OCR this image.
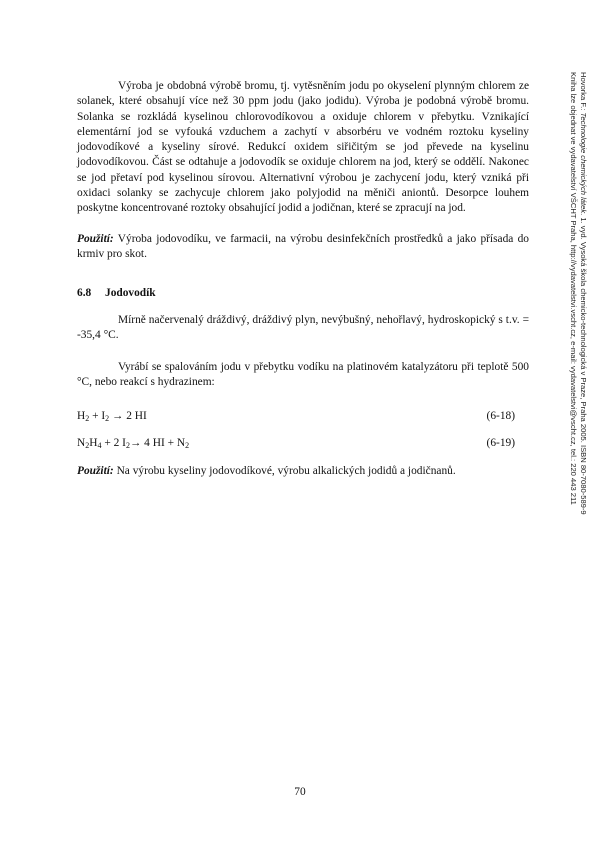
Výroba je obdobná výrobě bromu, tj. vytěsněním jodu po okyselení plynným chlorem ze solanek, které obsahují více než 30 ppm jodu (jako jodidu). Výroba je podobná výrobě bromu. Solanka se rozkládá kyselinou chlorovodíkovou a oxiduje chlorem v přebytku. Vznikající elementární jod se vyfouká vzduchem a zachytí v absorbéru ve vodném roztoku kyseliny jodovodíkové a kyseliny sírové. Redukcí oxidem siřičitým se jod převede na kyselinu jodovodíkovou. Část se odtahuje a jodovodík se oxiduje chlorem na jod, který se oddělí. Nakonec se jod přetaví pod kyselinou sírovou. Alternativní výrobou je zachycení jodu, který vzniká při oxidaci solanky se zachycuje chlorem jako polyjodid na měniči aniontů. Desorpce louhem poskytne koncentrované roztoky obsahující jodid a jodičnan, které se zpracují na jod.

Použití: Výroba jodovodíku, ve farmacii, na výrobu desinfekčních prostředků a jako přísada do krmiv pro skot.

6.8 Jodovodík

Mírně načervenalý dráždivý, dráždivý plyn, nevýbušný, nehořlavý, hydroskopický s t.v. = -35,4 °C.

Vyrábí se spalováním jodu v přebytku vodíku na platinovém katalyzátoru při teplotě 500 °C, nebo reakcí s hydrazinem:

$H_2 + I_2 \to 2$ HI	(6-18)
$N_2H_4 + 2$ $I_2\to 4$ HI + $N_2$	(6-19)

Použití: Na výrobu kyseliny jodovodíkové, výrobu alkalických jodidů a jodičnanů.

70
Hovorka F.: Technologie chemických látek. 1. vyd. Vysoká škola chemicko-technologická v Praze, Praha 2005. ISBN 80-7080-589-9
Kniha lze objednat ve vydavatelství VŠCHT Praha, http://vydavatelstvi.vscht.cz, e-mail: vydavatelstvi@vscht.cz, tel.: 220 443 211
